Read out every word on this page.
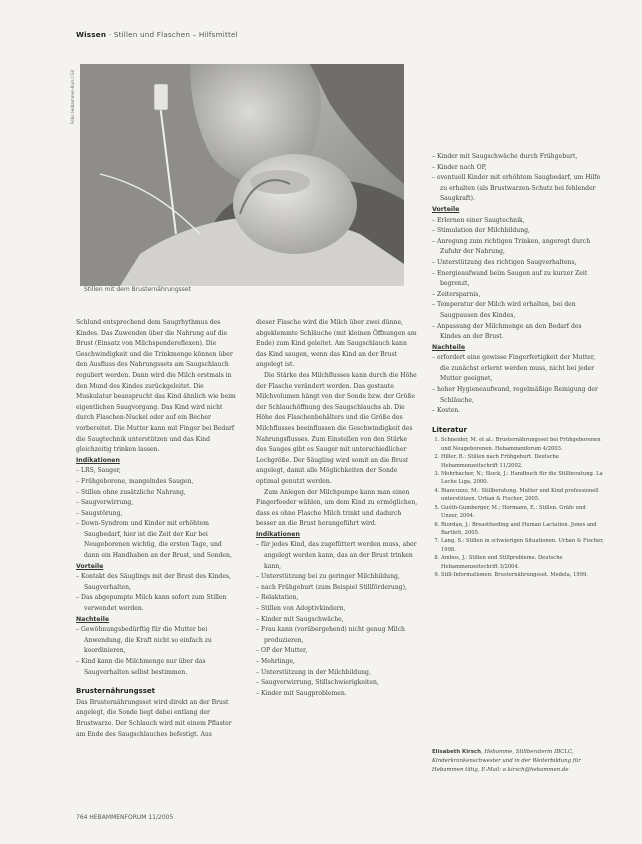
Wissen · Stillen und Flaschen – Hilfsmittel
Foto: Hebammen-Kurs / Gil
Stillen mit dem Brusternährungsset

Schlund entsprechend dem Saugrhythmus des Kindes. Das Zuwenden über die Nahrung auf die Brust (Einsatz von Milchspendereflexen). Die Geschwindigkeit und die Trinkmenge können über den Ausfluss des Nahrungssets am Saugschlauch reguliert werden. Dann wird die Milch erstmals in den Mund des Kindes zurückgeleitet. Die Muskulatur beansprucht das Kind ähnlich wie beim eigentlichen Saugvorgang. Das Kind wird nicht durch Flaschen-Nuckel oder auf ein Becher vorbereitet. Die Mutter kann mit Finger bei Bedarf die Saugtechnik unterstützen und das Kind gleichzeitig trinken lassen.

Indikationen
– LRS, Sauger,
– Frühgeborene, mangelndes Saugen,
– Stillen ohne zusätzliche Nahrung,
– Saugverwirrung,
– Saugstörung,
– Down-Syndrom und Kinder mit erhöhtem Saugbedarf, hier ist die Zeit der Kur bei Neugeborenen wichtig, die ersten Tage, und dann ein Handhaben an der Brust, und Sonden,
Vorteile
– Kontakt des Säuglings mit der Brust des Kindes, Saugverhalten,
– Das abgepumpte Milch kann sofort zum Stillen verwendet werden.
Nachteile
– Gewöhnungsbedürftig für die Mutter bei Anwendung, die Kraft nicht so einfach zu koordinieren,
– Kind kann die Milchmenge nur über das Saugverhalten selbst bestimmen.
Brusternährungsset

Das Brusternährungsset wird direkt an der Brust angelegt, die Sonde liegt dabei entlang der Brustwarze. Der Schlauch wird mit einem Pflaster am Ende des Saugschlauches befestigt. Aus

dieser Flasche wird die Milch über zwei dünne, abgeklemmte Schläuche (mit kleinen Öffnungen am Ende) zum Kind geleitet. Am Saugschlauch kann das Kind saugen, wenn das Kind an der Brust angelegt ist.

Die Stärke des Milchflusses kann durch die Höhe der Flasche verändert werden. Das gestaute Milchvolumen hängt von der Sonde bzw. der Größe der Schlauchöffnung des Saugschlauchs ab. Die Höhe des Flaschenbehälters und die Größe des Milchflusses beeinflussen die Geschwindigkeit des Nahrungsflusses. Zum Einstellen von den Stärke des Sauges gibt es Sauger mit unterschiedlicher Lochgröße. Der Säugling wird somit an die Brust angelegt, damit alle Möglichkeiten der Sonde optimal genutzt werden.

Zum Anlegen der Milchpumpe kann man einen Fingerfeeder wählen, um dem Kind zu ermöglichen, dass es ohne Flasche Milch trinkt und dadurch besser an die Brust herangeführt wird.

Indikationen
– für jedes Kind, das zugefüttert werden muss, aber angelegt werden kann, das an der Brust trinken kann,
– Unterstützung bei zu geringer Milchbildung,
– nach Frühgeburt (zum Beispiel Stillförderung),
– Relaktation,
– Stillen von Adoptivkindern,
– Kinder mit Saugschwäche,
– Frau kann (vorübergehend) nicht genug Milch produzieren,
– OP der Mutter,
– Mehrlinge,
– Unterstützung in der Milchbildung,
– Saugverwirrung, Stillschwierigkeiten,
– Kinder mit Saugproblemen.
– Kinder mit Saugschwäche durch Frühgeburt,
– Kinder nach OP,
– eventuell Kinder mit erhöhtem Saugbedarf, um Hilfe zu erhalten (als Brustwarzen-Schutz bei fehlender Saugkraft).
Vorteile
– Erlernen einer Saugtechnik,
– Stimulation der Milchbildung,
– Anregung zum richtigen Trinken, angeregt durch Zufuhr der Nahrung,
– Unterstützung des richtigen Saugverhaltens,
– Energieaufwand beim Saugen auf zu kurzer Zeit begrenzt,
– Zeitersparnis,
– Temperatur der Milch wird erhalten, bei den Saugpausen des Kindes,
– Anpassung der Milchmenge an den Bedarf des Kindes an der Brust.
Nachteile
– erfordert eine gewisse Fingerfertigkeit der Mutter, die zunächst erlernt werden muss, nicht bei jeder Mutter geeignet,
– hoher Hygieneaufwand, regelmäßige Reinigung der Schläuche,
– Kosten.
Literatur
1. Schneider, M. et al.: Brusternährungsset bei Frühgeborenen und Neugeborenen. Hebammenforum 4/2003.
2. Hiller, B.: Stillen nach Frühgeburt. Deutsche Hebammenzeitschrift 11/2002.
3. Mohrbacher, N.; Stock, J.: Handbuch für die Stillberatung. La Leche Liga, 2000.
4. Biancuzzo, M.: Stillberatung. Mutter und Kind professionell unterstützen. Urban & Fischer, 2005.
5. Guóth-Gumberger, M.; Hormann, E.: Stillen. Gräfe und Unzer, 2004.
6. Riordan, J.: Breastfeeding and Human Lactation. Jones and Bartlett, 2005.
7. Lang, S.: Stillen in schwierigen Situationen. Urban & Fischer, 1998.
8. Ambos, J.: Stillen und Stillprobleme. Deutsche Hebammenzeitschrift 3/2004.
9. Still-Informationen: Brusternährungsset. Medela, 1999.
Elisabeth Kirsch, Hebamme, Stillberaterin IBCLC, Kinderkrankenschwester und in der Weiterbildung für Hebammen tätig, E-Mail: e.kirsch@hebammen.de
764 HEBAMMENFORUM 11/2005
